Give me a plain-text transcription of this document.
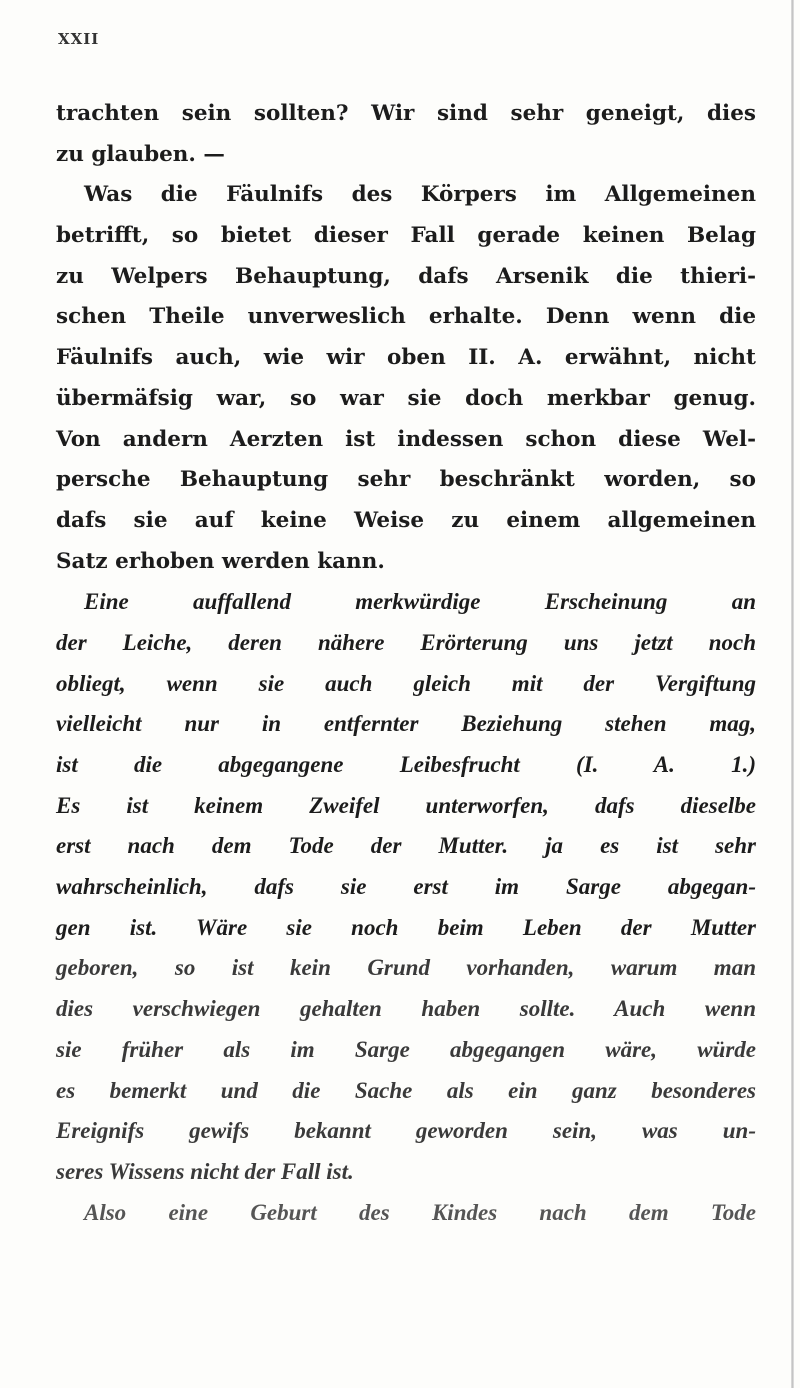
XXII
trachten sein sollten? Wir sind sehr geneigt, dies
zu glauben. —
Was die Fäulnifs des Körpers im Allgemeinen
betrifft, so bietet dieser Fall gerade keinen Belag
zu Welpers Behauptung, dafs Arsenik die thieri-
schen Theile unverweslich erhalte. Denn wenn die
Fäulnifs auch, wie wir oben II. A. erwähnt, nicht
übermäfsig war, so war sie doch merkbar genug.
Von andern Aerzten ist indessen schon diese Wel-
persche Behauptung sehr beschränkt worden, so
dafs sie auf keine Weise zu einem allgemeinen
Satz erhoben werden kann.
Eine auffallend merkwürdige Erscheinung an
der Leiche, deren nähere Erörterung uns jetzt noch
obliegt, wenn sie auch gleich mit der Vergiftung
vielleicht nur in entfernter Beziehung stehen mag,
ist die abgegangene Leibesfrucht (I. A. 1.)
Es ist keinem Zweifel unterworfen, dafs dieselbe
erst nach dem Tode der Mutter. ja es ist sehr
wahrscheinlich, dafs sie erst im Sarge abgegan-
gen ist. Wäre sie noch beim Leben der Mutter
geboren, so ist kein Grund vorhanden, warum man
dies verschwiegen gehalten haben sollte. Auch wenn
sie früher als im Sarge abgegangen wäre, würde
es bemerkt und die Sache als ein ganz besonderes
Ereignifs gewifs bekannt geworden sein, was un-
seres Wissens nicht der Fall ist.
Also eine Geburt des Kindes nach dem Tode
